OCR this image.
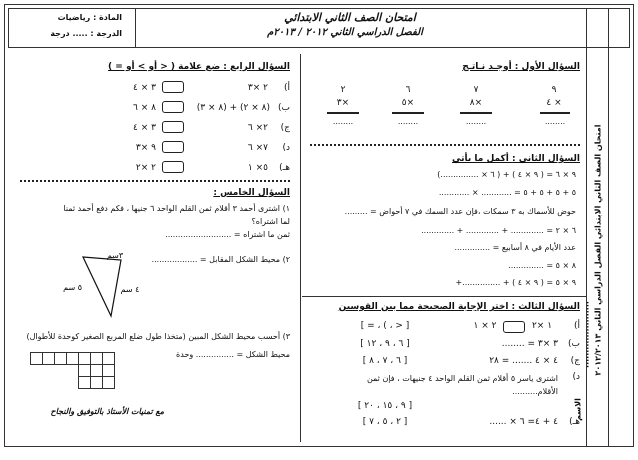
امتحان الصف الثاني الابتدائي
الفصل الدراسي الثاني ٢٠١٢ / ٢٠١٣م
المادة : رياضيات
الدرجة : ..... درجة
امتحان الصف الثاني الابتدائي الفصل الدراسي الثاني ٢٠١٢/٢٠١٣
الاسم
......................
السؤال الأول : أوجـد نـاتـج
٩
٤ ×
........
٧
٨×
........
٦
٥×
........
٢
٣×
........
السؤال الثاني : أكمل ما يأتي
٩ × ٦ = ( ٩ × ٤ ) + ( ٦ × ...............)
٥ + ٥ + ٥ + ٥ = ............ × ............
حوض للأسماك به ٣ سمكات ،فإن عدد السمك في ٧ أحواض = .........
٦ × ٢ = ............. + ............. + .............
عدد الأيام في ٨ أسابيع = ..............
٨ × ٥ = ..............
٩ × ٥ = ( ٩ × ٤ ) + ...............+
السؤال الثالث : اختر الإجابة الصحيحة مما بين القوسين
أ)
١ ×٢
٢ × ١
[ = ، ( ، > ]
ب)
٣ ×٣ = ........
[ ٦ ، ٩ ، ١٢ ]
ج)
٤ × ٤ ....... = ٢٨
[ ٦ ، ٧ ، ٨ ]
د)
اشترى ياسر ٥ أقلام ثمن القلم الواحد ٤ جنيهات ، فإن ثمن الأقلام..........
[ ٩ ، ١٥ ، ٢٠ ]
هـ)
٤ + ٤= ٦ × ......
[ ٢ ، ٥ ، ٧ ]
السؤال الرابع : ضع علامة ( < أو > أو = )
أ)
٢ ×٣
٣ × ٤
ب)
(٨ × ٢) + (٨ × ٣)
٨ × ٦
ج)
٢× ٦
٣ × ٤
د)
٧× ٦
٩ ×٣
هـ)
٥× ١
٢ ×٢
السؤال الخامس :
١) اشترى أحمد ٣ أقلام ثمن القلم الواحد ٦ جنيها ، فكم دفع أحمد ثمنا
لما اشتراه؟
ثمن ما اشتراه = ..........................
٢) محيط الشكل المقابل = ..................
٣سم
٥ سم	٤ سم
٣) أحسب محيط الشكل المبين (متخذا طول ضلع المربع الصغير كوحدة للأطوال)
محيط الشكل = ............... وحدة
مع تمنيات الأستاذ بالتوفيق والنجاح
